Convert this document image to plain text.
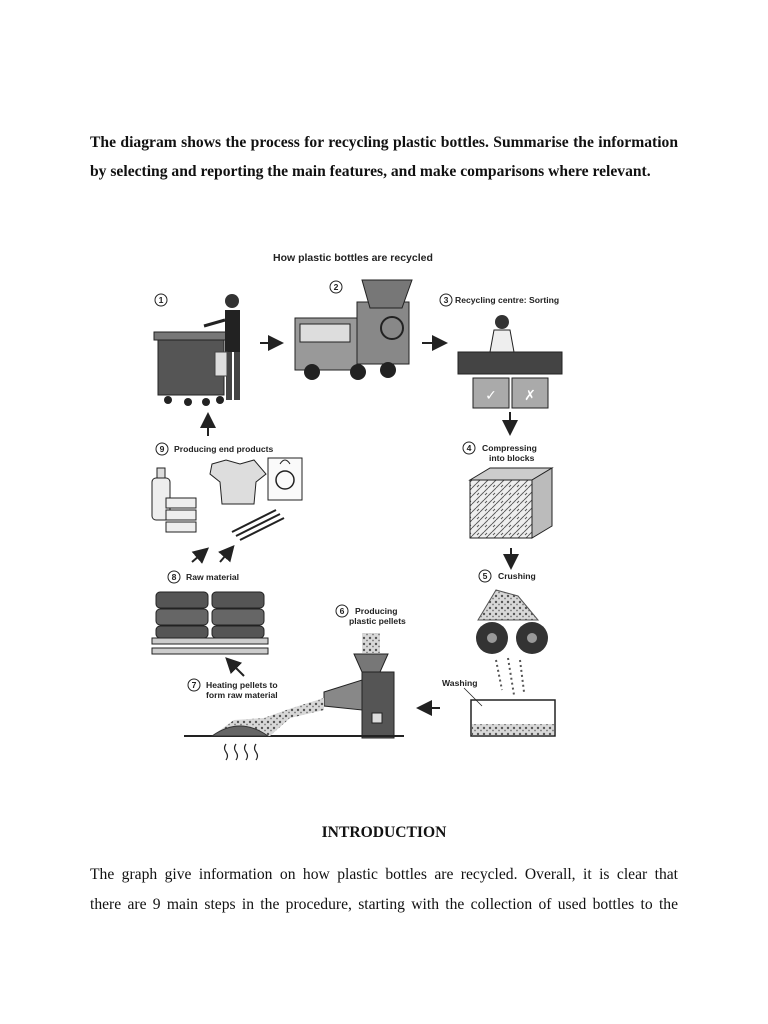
The diagram shows the process for recycling plastic bottles. Summarise the information by selecting and reporting the main features, and make comparisons where relevant.
How plastic bottles are recycled
1
2
3 Recycling centre: Sorting
✓ ✗
4 Compressing
into blocks
5 Crushing
Washing
6 Producing
plastic pellets
7 Heating pellets to
form raw material
8 Raw material
9 Producing end products
INTRODUCTION
The graph give information on how plastic bottles are recycled. Overall, it is clear that
there are 9 main steps in the procedure, starting with the collection of used bottles to the
